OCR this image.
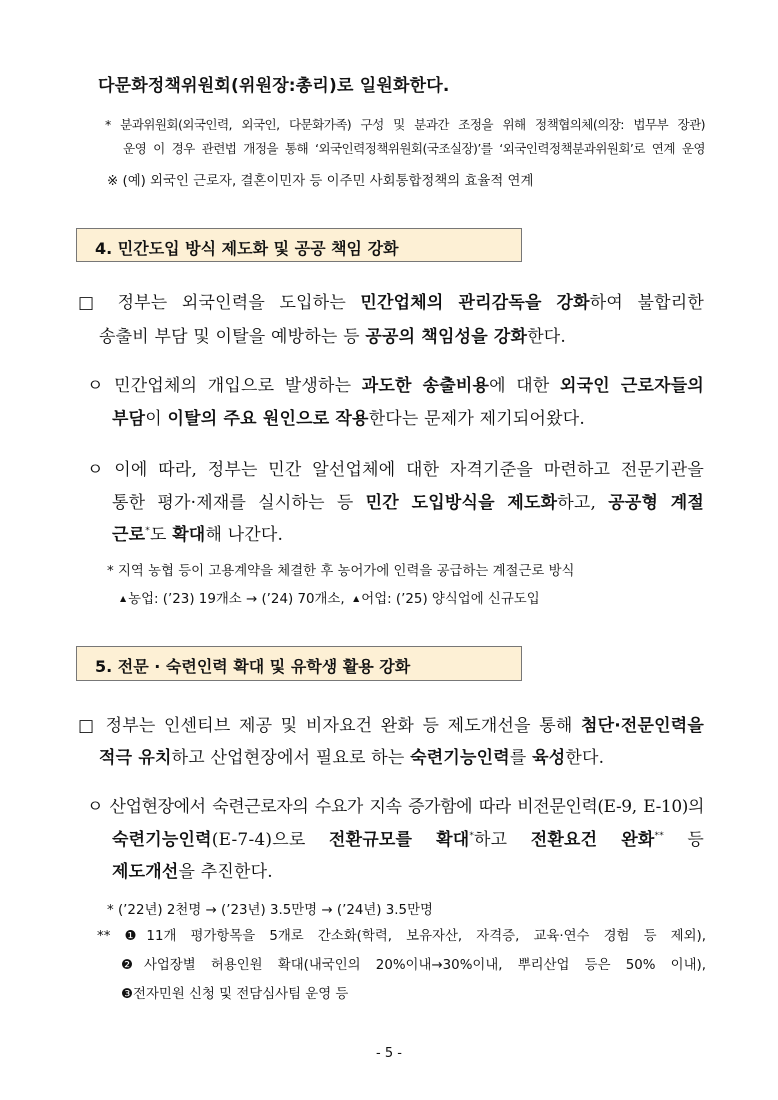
다문화정책위원회(위원장:총리)로 일원화한다.
* 분과위원회(외국인력, 외국인, 다문화가족) 구성 및 분과간 조정을 위해 정책협의체(의장: 법무부 장관)
운영 이 경우 관련법 개정을 통해 ‘외국인력정책위원회(국조실장)’를 ‘외국인력정책분과위원회’로 연계 운영
※ (예) 외국인 근로자, 결혼이민자 등 이주민 사회통합정책의 효율적 연계
4. 민간도입 방식 제도화 및 공공 책임 강화
□ 정부는 외국인력을 도입하는 민간업체의 관리감독을 강화하여 불합리한
송출비 부담 및 이탈을 예방하는 등 공공의 책임성을 강화한다.
ㅇ 민간업체의 개입으로 발생하는 과도한 송출비용에 대한 외국인 근로자들의
부담이 이탈의 주요 원인으로 작용한다는 문제가 제기되어왔다.
ㅇ 이에 따라, 정부는 민간 알선업체에 대한 자격기준을 마련하고 전문기관을
통한 평가·제재를 실시하는 등 민간 도입방식을 제도화하고, 공공형 계절
근로*도 확대해 나간다.
* 지역 농협 등이 고용계약을 체결한 후 농어가에 인력을 공급하는 계절근로 방식
▲ 농업: (’23) 19개소 → (’24) 70개소, ▲ 어업: (’25) 양식업에 신규도입
5. 전문 · 숙련인력 확대 및 유학생 활용 강화
□ 정부는 인센티브 제공 및 비자요건 완화 등 제도개선을 통해 첨단·전문인력을
적극 유치하고 산업현장에서 필요로 하는 숙련기능인력를 육성한다.
ㅇ 산업현장에서 숙련근로자의 수요가 지속 증가함에 따라 비전문인력(E-9, E-10)의
숙련기능인력(E-7-4)으로 전환규모를 확대*하고 전환요건 완화** 등
제도개선을 추진한다.
* (’22년) 2천명 → (’23년) 3.5만명 → (’24년) 3.5만명
** ❶11개 평가항목을 5개로 간소화(학력, 보유자산, 자격증, 교육·연수 경험 등 제외),
❷사업장별 허용인원 확대(내국인의 20%이내→30%이내, 뿌리산업 등은 50% 이내),
❸전자민원 신청 및 전담심사팀 운영 등
- 5 -
